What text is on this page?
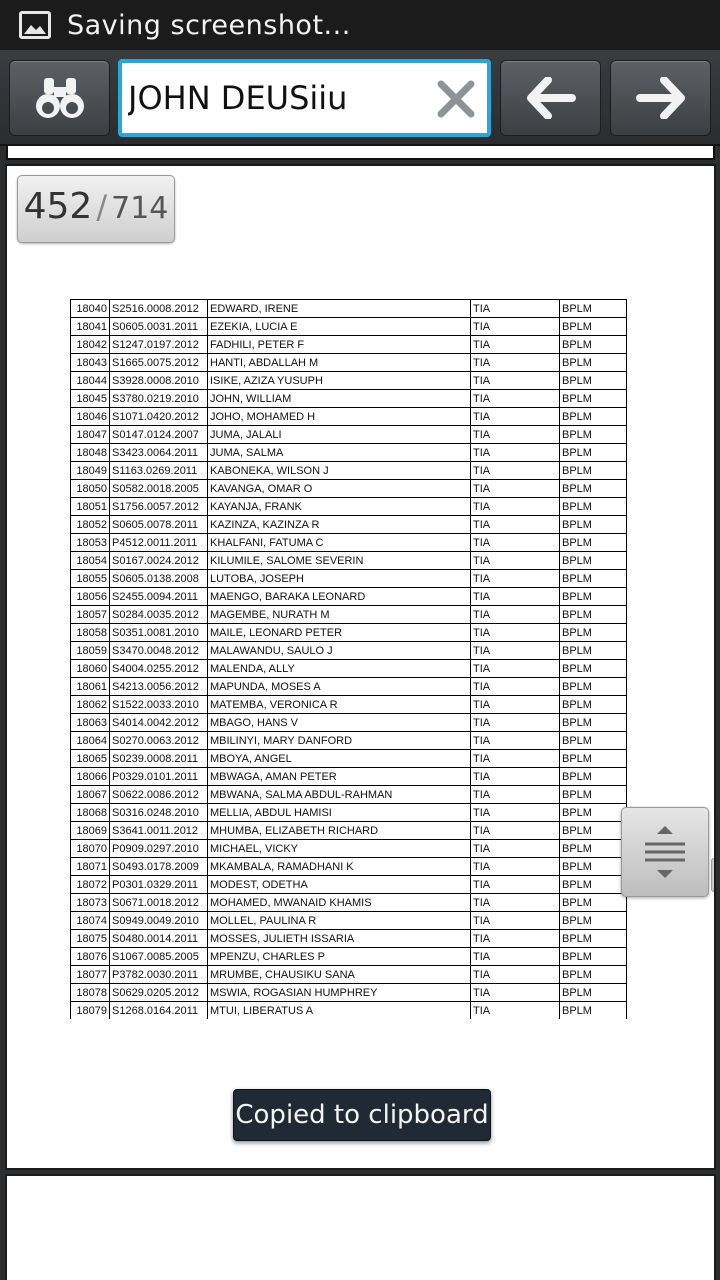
Saving screenshot...
JOHN DEUSiiu
452 / 714
18040	S2516.0008.2012	EDWARD, IRENE	TIA	BPLM
18041	S0605.0031.2011	EZEKIA, LUCIA E	TIA	BPLM
18042	S1247.0197.2012	FADHILI, PETER F	TIA	BPLM
18043	S1665.0075.2012	HANTI, ABDALLAH M	TIA	BPLM
18044	S3928.0008.2010	ISIKE, AZIZA YUSUPH	TIA	BPLM
18045	S3780.0219.2010	JOHN, WILLIAM	TIA	BPLM
18046	S1071.0420.2012	JOHO, MOHAMED H	TIA	BPLM
18047	S0147.0124.2007	JUMA, JALALI	TIA	BPLM
18048	S3423.0064.2011	JUMA, SALMA	TIA	BPLM
18049	S1163.0269.2011	KABONEKA, WILSON J	TIA	BPLM
18050	S0582.0018.2005	KAVANGA, OMAR O	TIA	BPLM
18051	S1756.0057.2012	KAYANJA, FRANK	TIA	BPLM
18052	S0605.0078.2011	KAZINZA, KAZINZA R	TIA	BPLM
18053	P4512.0011.2011	KHALFANI, FATUMA C	TIA	BPLM
18054	S0167.0024.2012	KILUMILE, SALOME SEVERIN	TIA	BPLM
18055	S0605.0138.2008	LUTOBA, JOSEPH	TIA	BPLM
18056	S2455.0094.2011	MAENGO, BARAKA LEONARD	TIA	BPLM
18057	S0284.0035.2012	MAGEMBE, NURATH M	TIA	BPLM
18058	S0351.0081.2010	MAILE, LEONARD PETER	TIA	BPLM
18059	S3470.0048.2012	MALAWANDU, SAULO J	TIA	BPLM
18060	S4004.0255.2012	MALENDA, ALLY	TIA	BPLM
18061	S4213.0056.2012	MAPUNDA, MOSES A	TIA	BPLM
18062	S1522.0033.2010	MATEMBA, VERONICA R	TIA	BPLM
18063	S4014.0042.2012	MBAGO, HANS V	TIA	BPLM
18064	S0270.0063.2012	MBILINYI, MARY DANFORD	TIA	BPLM
18065	S0239.0008.2011	MBOYA, ANGEL	TIA	BPLM
18066	P0329.0101.2011	MBWAGA, AMAN PETER	TIA	BPLM
18067	S0622.0086.2012	MBWANA, SALMA ABDUL-RAHMAN	TIA	BPLM
18068	S0316.0248.2010	MELLIA, ABDUL HAMISI	TIA	BPLM
18069	S3641.0011.2012	MHUMBA, ELIZABETH RICHARD	TIA	BPLM
18070	P0909.0297.2010	MICHAEL, VICKY	TIA	BPLM
18071	S0493.0178.2009	MKAMBALA, RAMADHANI K	TIA	BPLM
18072	P0301.0329.2011	MODEST, ODETHA	TIA	BPLM
18073	S0671.0018.2012	MOHAMED, MWANAID KHAMIS	TIA	BPLM
18074	S0949.0049.2010	MOLLEL, PAULINA R	TIA	BPLM
18075	S0480.0014.2011	MOSSES, JULIETH ISSARIA	TIA	BPLM
18076	S1067.0085.2005	MPENZU, CHARLES P	TIA	BPLM
18077	P3782.0030.2011	MRUMBE, CHAUSIKU SANA	TIA	BPLM
18078	S0629.0205.2012	MSWIA, ROGASIAN HUMPHREY	TIA	BPLM
18079	S1268.0164.2011	MTUI, LIBERATUS A	TIA	BPLM
Copied to clipboard
